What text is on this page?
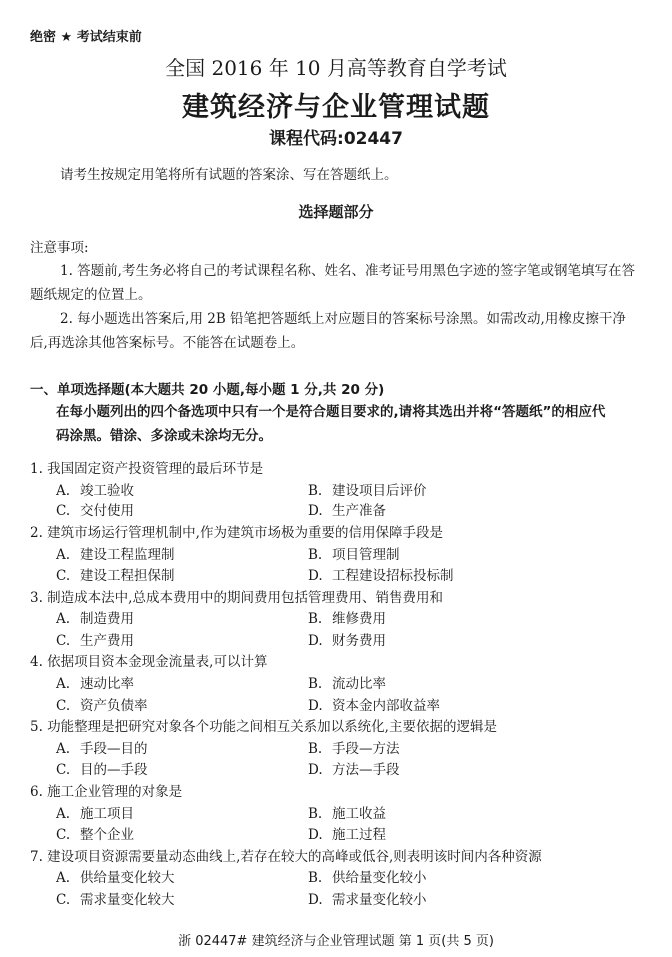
绝密 ★ 考试结束前
全国 2016 年 10 月高等教育自学考试
建筑经济与企业管理试题
课程代码:02447
请考生按规定用笔将所有试题的答案涂、写在答题纸上。
选择题部分
注意事项:
1. 答题前,考生务必将自己的考试课程名称、姓名、准考证号用黑色字迹的签字笔或钢笔填写在答题纸规定的位置上。
2. 每小题选出答案后,用 2B 铅笔把答题纸上对应题目的答案标号涂黑。如需改动,用橡皮擦干净后,再选涂其他答案标号。不能答在试题卷上。
一、单项选择题(本大题共 20 小题,每小题 1 分,共 20 分)
在每小题列出的四个备选项中只有一个是符合题目要求的,请将其选出并将“答题纸”的相应代码涂黑。错涂、多涂或未涂均无分。
1. 我国固定资产投资管理的最后环节是
A. 竣工验收	B. 建设项目后评价
C. 交付使用	D. 生产准备
2. 建筑市场运行管理机制中,作为建筑市场极为重要的信用保障手段是
A. 建设工程监理制	B. 项目管理制
C. 建设工程担保制	D. 工程建设招标投标制
3. 制造成本法中,总成本费用中的期间费用包括管理费用、销售费用和
A. 制造费用	B. 维修费用
C. 生产费用	D. 财务费用
4. 依据项目资本金现金流量表,可以计算
A. 速动比率	B. 流动比率
C. 资产负债率	D. 资本金内部收益率
5. 功能整理是把研究对象各个功能之间相互关系加以系统化,主要依据的逻辑是
A. 手段—目的	B. 手段—方法
C. 目的—手段	D. 方法—手段
6. 施工企业管理的对象是
A. 施工项目	B. 施工收益
C. 整个企业	D. 施工过程
7. 建设项目资源需要量动态曲线上,若存在较大的高峰或低谷,则表明该时间内各种资源
A. 供给量变化较大	B. 供给量变化较小
C. 需求量变化较大	D. 需求量变化较小
浙 02447# 建筑经济与企业管理试题 第 1 页(共 5 页)
